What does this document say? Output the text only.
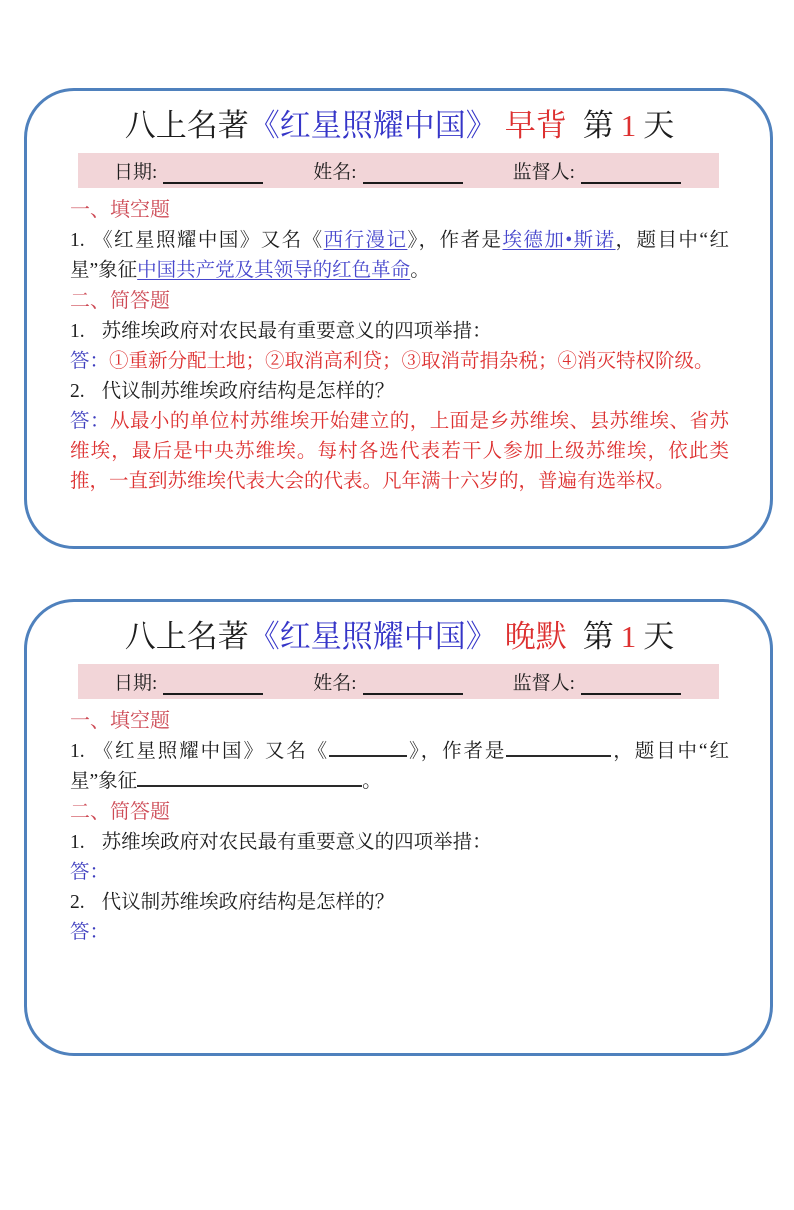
八上名著《红星照耀中国》 早背 第 1 天
日期:	姓名:	监督人:

一、填空题

1. 《红星照耀中国》又名《西行漫记》，作者是埃德加•斯诺，题目中“红星”象征中国共产党及其领导的红色革命。

二、简答题

1. 苏维埃政府对农民最有重要意义的四项举措：

答：①重新分配土地；②取消高利贷；③取消苛捐杂税；④消灭特权阶级。

2. 代议制苏维埃政府结构是怎样的？

答：从最小的单位村苏维埃开始建立的，上面是乡苏维埃、县苏维埃、省苏维埃，最后是中央苏维埃。每村各选代表若干人参加上级苏维埃，依此类推，一直到苏维埃代表大会的代表。凡年满十六岁的，普遍有选举权。

八上名著《红星照耀中国》 晚默 第 1 天
日期:	姓名:	监督人:

一、填空题

1. 《红星照耀中国》又名《	》，作者是	，题目中“红星”象征	。

二、简答题

1. 苏维埃政府对农民最有重要意义的四项举措：

答：

2. 代议制苏维埃政府结构是怎样的？

答：
